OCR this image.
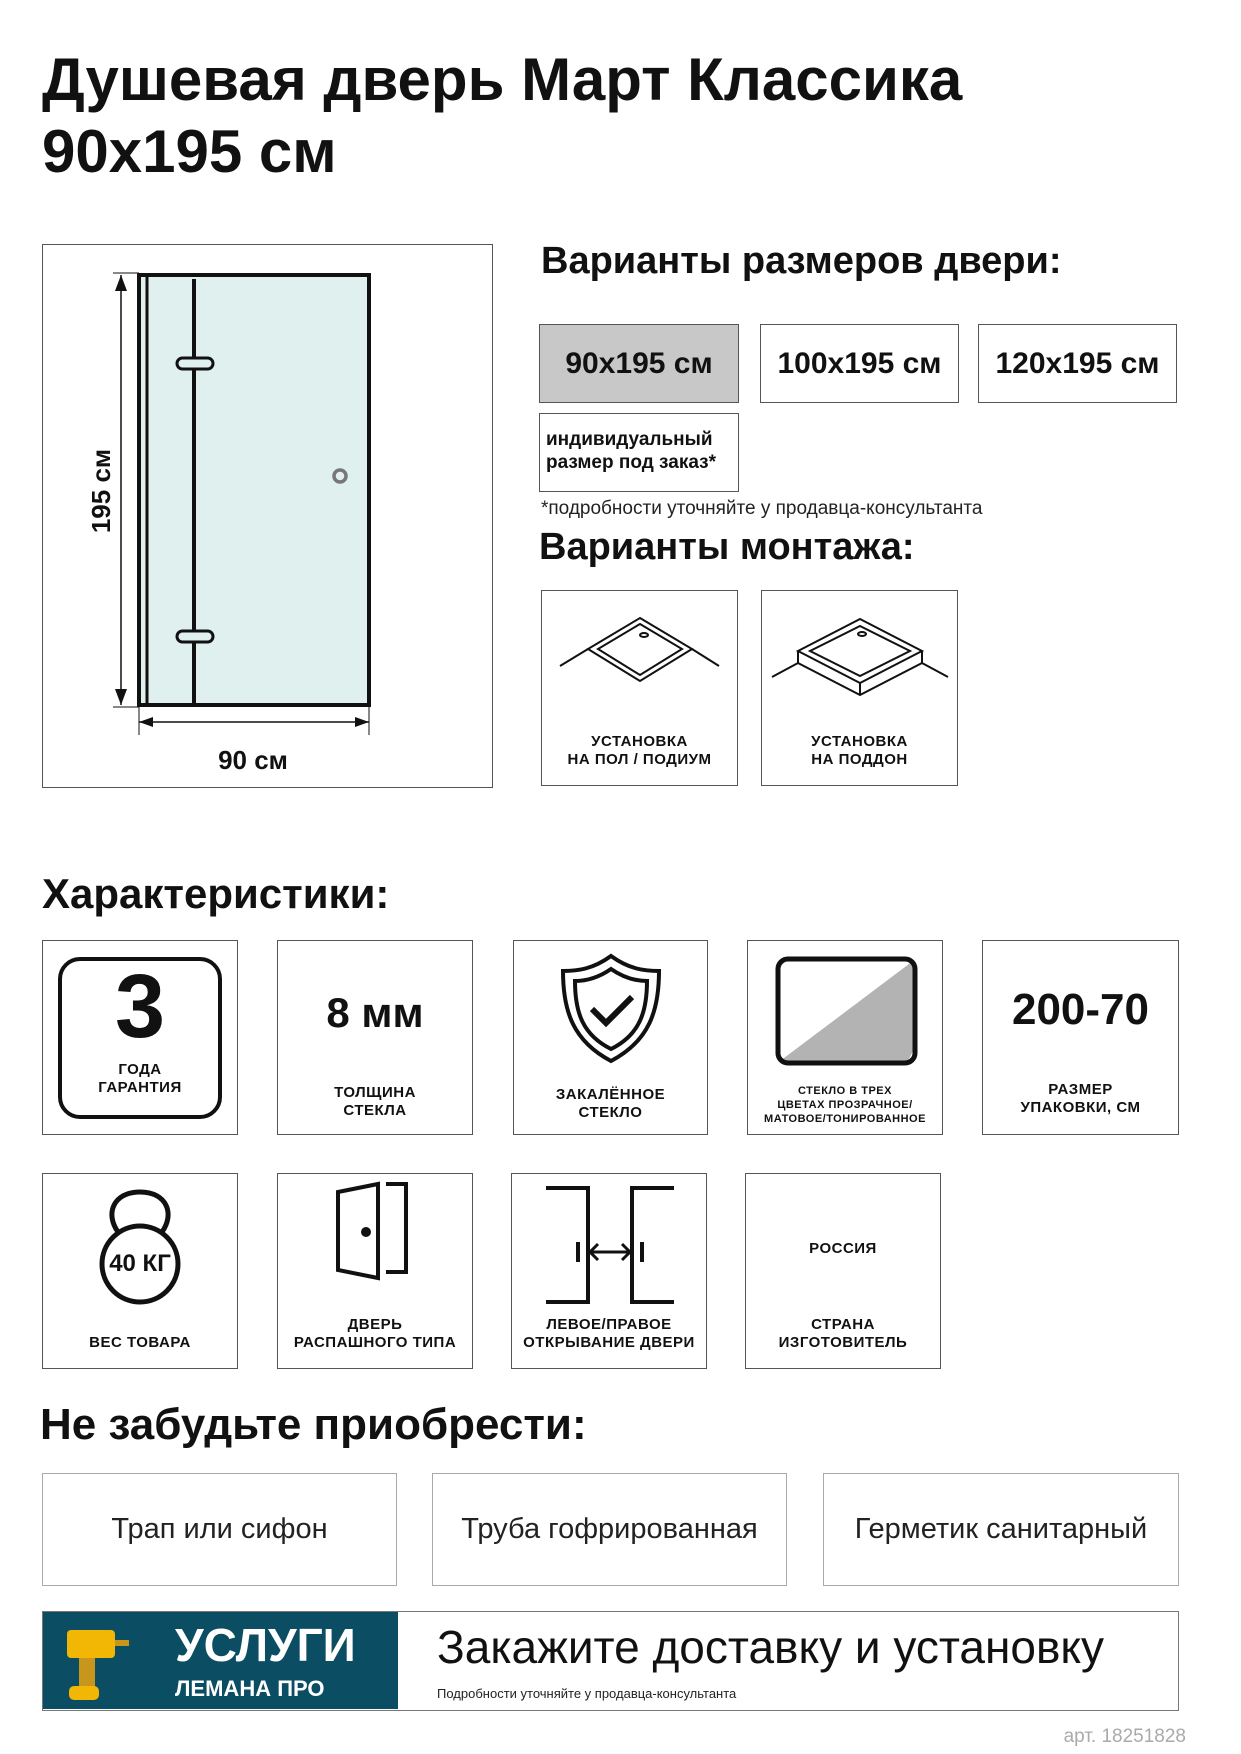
Душевая дверь Март Классика
90x195 см
195 см
90 см
Варианты размеров двери:
90x195 см	100x195 см	120x195 см
индивидуальный размер под заказ*
*подробности уточняйте у продавца-консультанта
Варианты монтажа:
УСТАНОВКА
НА ПОЛ / ПОДИУМ
УСТАНОВКА
НА ПОДДОН
Характеристики:
3
ГОДА
ГАРАНТИЯ
8 мм
ТОЛЩИНА
СТЕКЛА
ЗАКАЛЁННОЕ
СТЕКЛО
СТЕКЛО В ТРЕХ
ЦВЕТАХ ПРОЗРАЧНОЕ/
МАТОВОЕ/ТОНИРОВАННОЕ
200-70
РАЗМЕР
УПАКОВКИ, СМ
40 КГ
ВЕС ТОВАРА
ДВЕРЬ
РАСПАШНОГО ТИПА
ЛЕВОЕ/ПРАВОЕ
ОТКРЫВАНИЕ ДВЕРИ
РОССИЯ
СТРАНА
ИЗГОТОВИТЕЛЬ
Не забудьте приобрести:
Трап или сифон	Труба гофрированная	Герметик санитарный
УСЛУГИ
ЛЕМАНА ПРО
Закажите доставку и установку
Подробности уточняйте у продавца-консультанта
арт. 18251828
